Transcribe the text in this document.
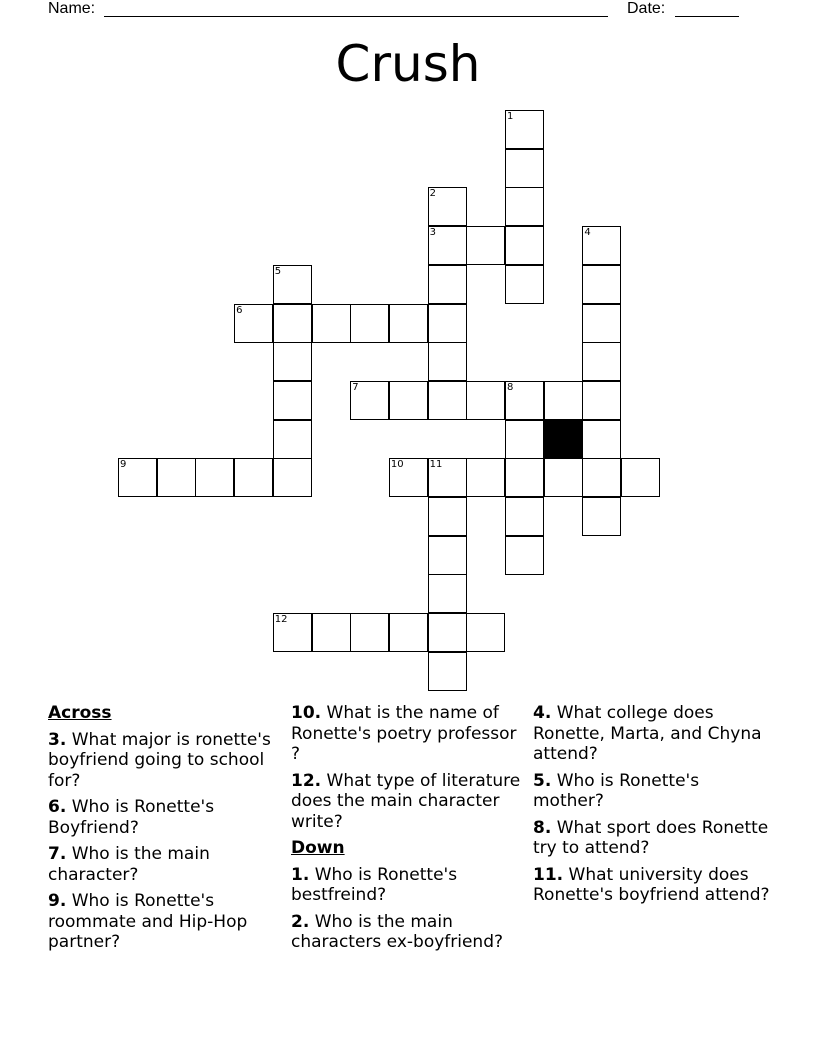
Name:	Date:
Crush
1
2
3	4
5
6
7	8
9	10	11
12
Across
3. What major is ronette's boyfriend going to school for?
6. Who is Ronette's Boyfriend?
7. Who is the main character?
9. Who is Ronette's roommate and Hip-Hop partner?
10. What is the name of Ronette's poetry professor ?
12. What type of literature does the main character write?
Down
1. Who is Ronette's bestfreind?
2. Who is the main characters ex-boyfriend?
4. What college does Ronette, Marta, and Chyna attend?
5. Who is Ronette's mother?
8. What sport does Ronette try to attend?
11. What university does Ronette's boyfriend attend?
